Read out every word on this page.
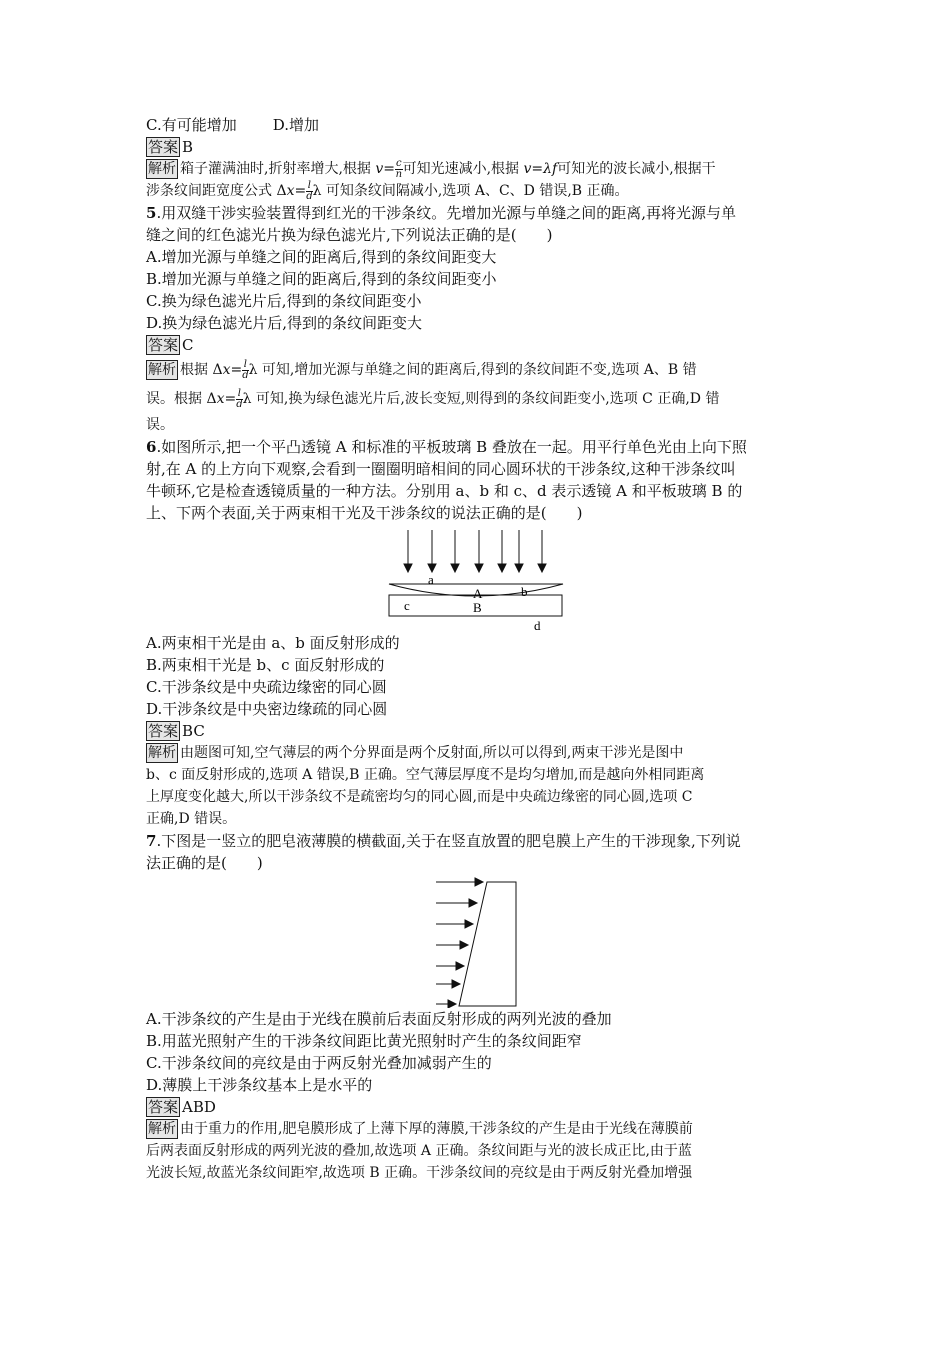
C.有可能增加 D.增加
答案 B
解析 箱子灌满油时,折射率增大,根据 $v= \frac{c}{n}$ 可知光速减小,根据 v=λf可知光的波长减小,根据干
涉条纹间距宽度公式 $\Delta x= \frac{l}{d}$ λ 可知条纹间隔减小,选项 A、C、D 错误,B 正确。
5.用双缝干涉实验装置得到红光的干涉条纹。先增加光源与单缝之间的距离,再将光源与单
缝之间的红色滤光片换为绿色滤光片,下列说法正确的是(　　)
A.增加光源与单缝之间的距离后,得到的条纹间距变大
B.增加光源与单缝之间的距离后,得到的条纹间距变小
C.换为绿色滤光片后,得到的条纹间距变小
D.换为绿色滤光片后,得到的条纹间距变大
答案 C
解析 根据 $\Delta x= \frac{l}{d}$ λ 可知,增加光源与单缝之间的距离后,得到的条纹间距不变,选项 A、B 错
误。根据 $\Delta x= \frac{l}{d}$ λ 可知,换为绿色滤光片后,波长变短,则得到的条纹间距变小,选项 C 正确,D 错
误。
6.如图所示,把一个平凸透镜 A 和标准的平板玻璃 B 叠放在一起。用平行单色光由上向下照
射,在 A 的上方向下观察,会看到一圈圈明暗相间的同心圆环状的干涉条纹,这种干涉条纹叫
牛顿环,它是检查透镜质量的一种方法。分别用 a、b 和 c、d 表示透镜 A 和平板玻璃 B 的
上、下两个表面,关于两束相干光及干涉条纹的说法正确的是(　　)
a
A	b
c	B
d
A.两束相干光是由 a、b 面反射形成的
B.两束相干光是 b、c 面反射形成的
C.干涉条纹是中央疏边缘密的同心圆
D.干涉条纹是中央密边缘疏的同心圆
答案 BC
解析 由题图可知,空气薄层的两个分界面是两个反射面,所以可以得到,两束干涉光是图中
b、c 面反射形成的,选项 A 错误,B 正确。空气薄层厚度不是均匀增加,而是越向外相同距离
上厚度变化越大,所以干涉条纹不是疏密均匀的同心圆,而是中央疏边缘密的同心圆,选项 C
正确,D 错误。
7.下图是一竖立的肥皂液薄膜的横截面,关于在竖直放置的肥皂膜上产生的干涉现象,下列说
法正确的是(　　)
A.干涉条纹的产生是由于光线在膜前后表面反射形成的两列光波的叠加
B.用蓝光照射产生的干涉条纹间距比黄光照射时产生的条纹间距窄
C.干涉条纹间的亮纹是由于两反射光叠加减弱产生的
D.薄膜上干涉条纹基本上是水平的
答案 ABD
解析 由于重力的作用,肥皂膜形成了上薄下厚的薄膜,干涉条纹的产生是由于光线在薄膜前
后两表面反射形成的两列光波的叠加,故选项 A 正确。条纹间距与光的波长成正比,由于蓝
光波长短,故蓝光条纹间距窄,故选项 B 正确。干涉条纹间的亮纹是由于两反射光叠加增强
